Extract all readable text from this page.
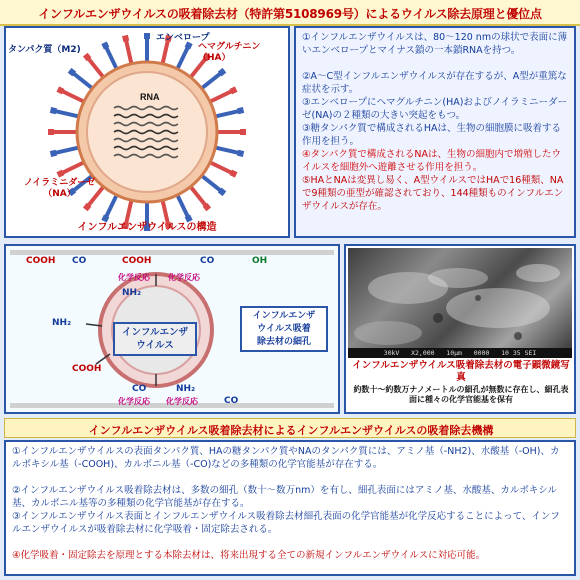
インフルエンザウイルスの吸着除去材（特許第5108969号）によるウイルス除去原理と優位点
RNA
エンベロープ
タンパク質（M2)	ヘマグルチニン
（HA）
ノイラミニダーゼ
（NA）
インフルエンザウイルスの構造
①インフルエンザウイルスは、80～120 nmの球状で表面に薄いエンベロープとマイナス鎖の一本鎖RNAを持つ。
②A～C型インフルエンザウイルスが存在するが、A型が重篤な症状を示す。
③エンベロープにヘマグルチニン(HA)およびノイラミニーダーゼ(NA)の２種類の大きい突起をもつ。
③糖タンパク質で構成されるHAは、生物の細胞膜に吸着する作用を担う。
④タンパク質で構成されるNAは、生物の細胞内で増殖したウイルスを細胞外へ遊離させる作用を担う。
⑤HAとNAは変異し易く、A型ウイルスではHAで16種類、NAで9種類の亜型が確認されており、144種類ものインフルエンザウイルスが存在。
インフルエンザ
ウイルス
インフルエンザ
ウイルス吸着
除去材の細孔
COOH CO	COOH	CO	OH
化学反応 化学反応
NH₂
NH₂
COOH
CO	NH₂
化学反応 化学反応	CO
30kV   X2,000   10μm   0000   10 35 SEI
インフルエンザウイルス吸着除去材の電子顕微鏡写真
約数十～約数万ナノメートルの細孔が無数に存在し、細孔表面に種々の化学官能基を保有
インフルエンザウイルス吸着除去材によるインフルエンザウイルスの吸着除去機構
①インフルエンザウイルスの表面タンパク質、HAの糖タンパク質やNAのタンパク質には、アミノ基（-NH2)、水酸基（-OH)、カルボキシル基（-COOH)、カルボニル基（-CO)などの多種類の化学官能基が存在する。
②インフルエンザウイルス吸着除去材は、多数の細孔（数十～数万nm）を有し、細孔表面にはアミノ基、水酸基、カルボキシル基、カルボニル基等の多種類の化学官能基が存在する。
③インフルエンザウイルス表面とインフルエンザウイルス吸着除去材細孔表面の化学官能基が化学反応することによって、インフルエンザウイルスが吸着除去材に化学吸着・固定除去される。
④化学吸着・固定除去を原理とする本除去材は、将来出現する全ての新規インフルエンザウイルスに対応可能。
